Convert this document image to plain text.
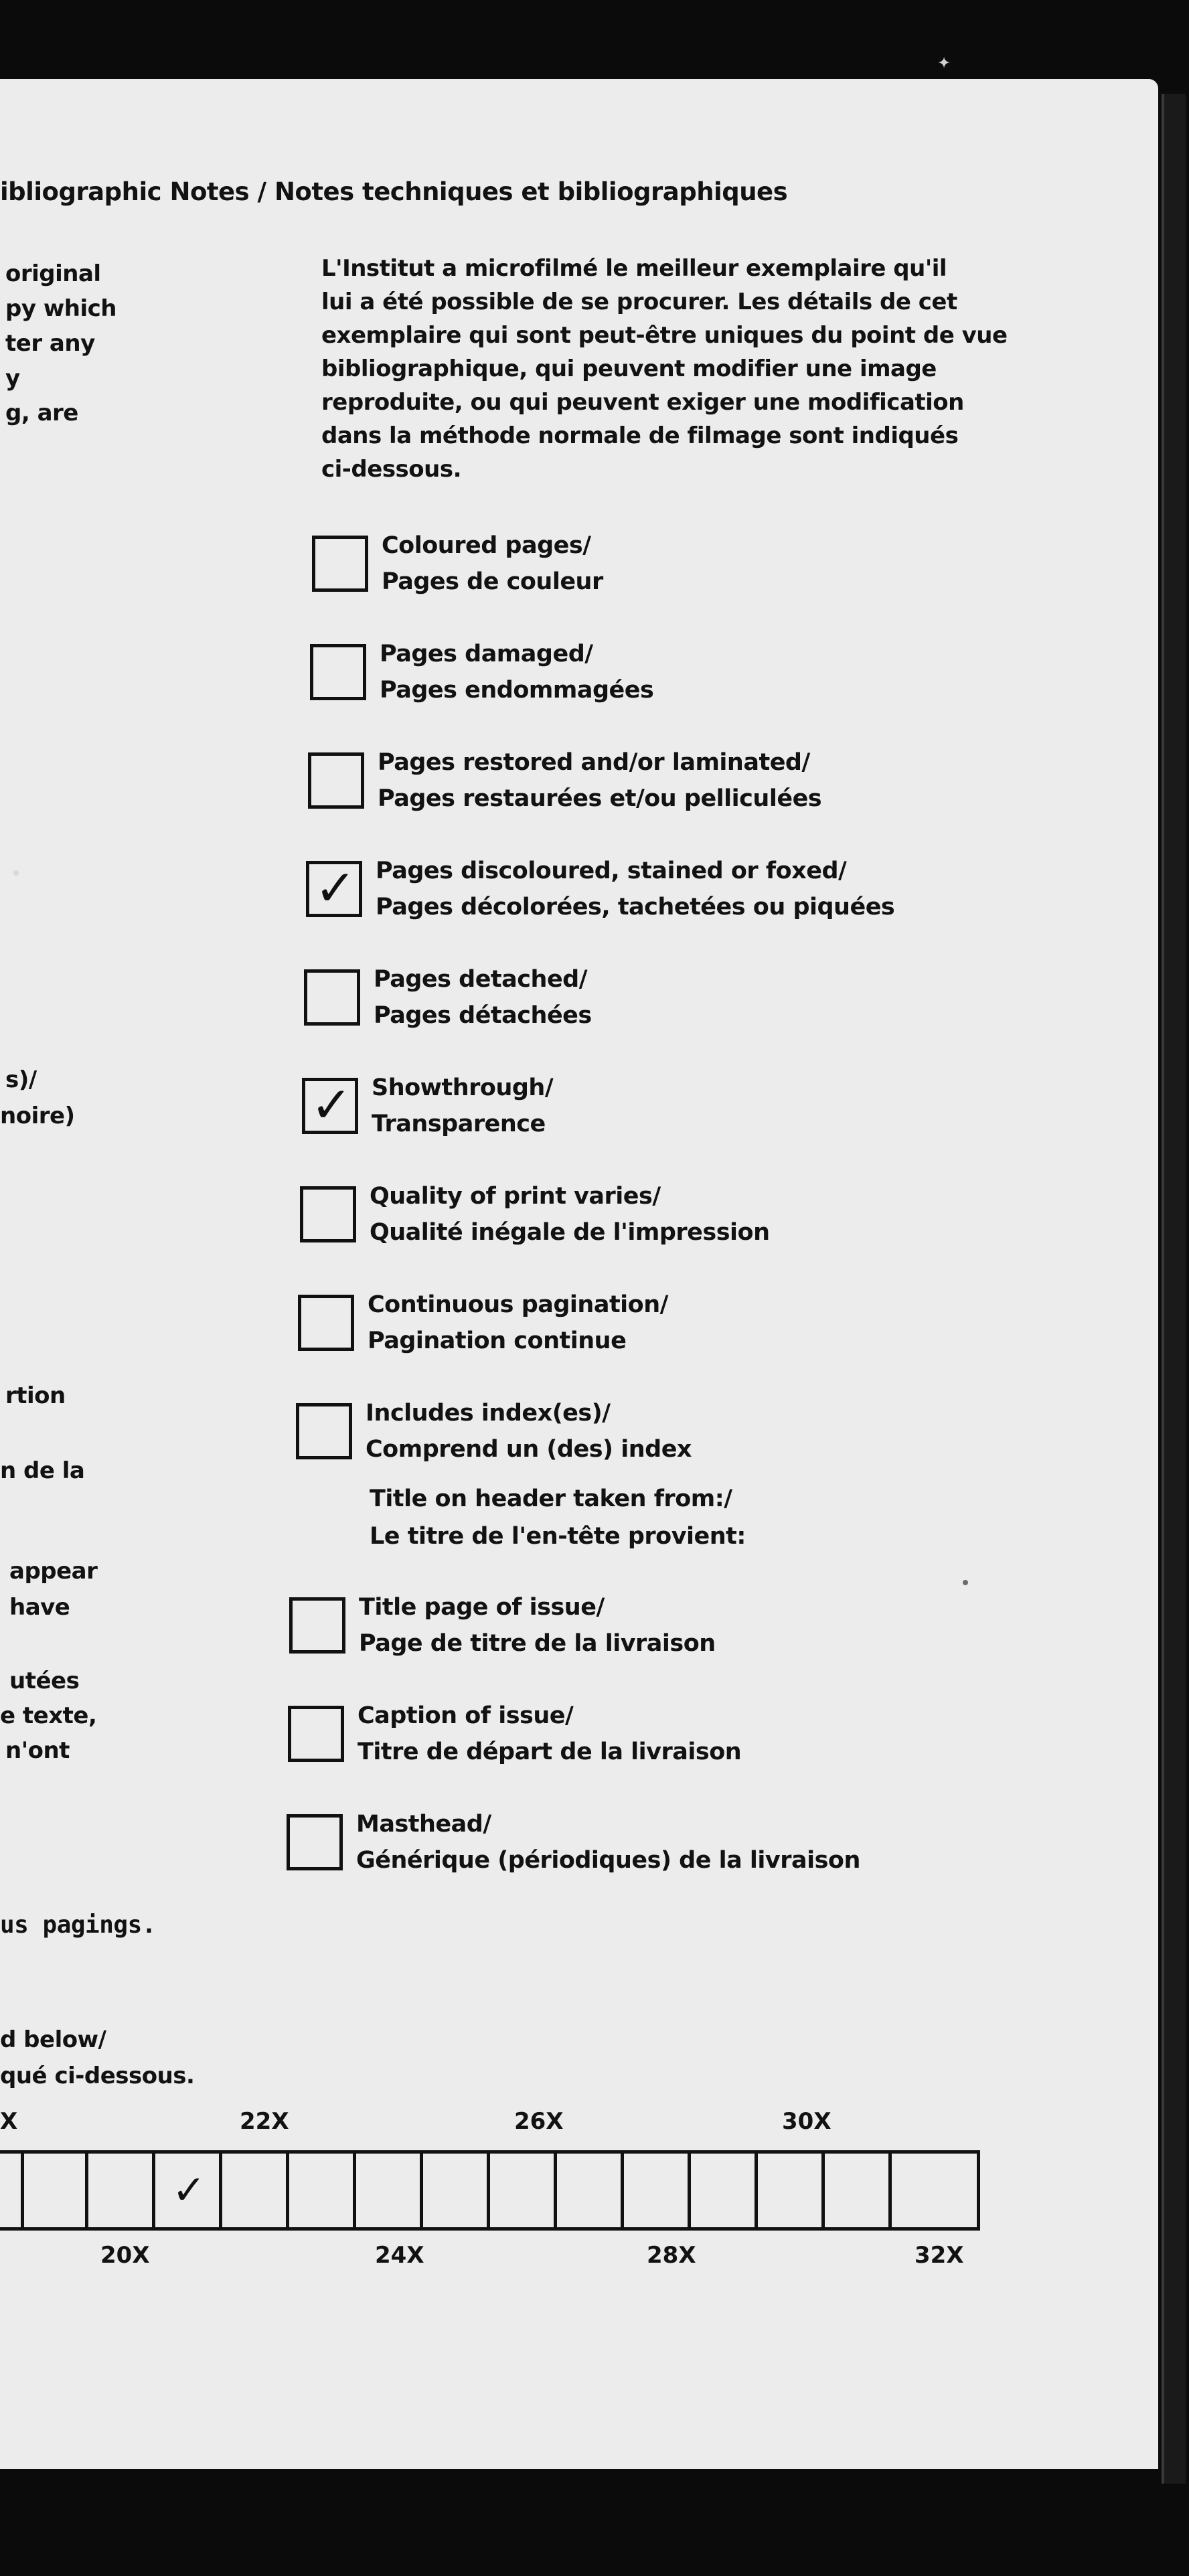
✦
ibliographic Notes / Notes techniques et bibliographiques
original
py which
ter any
y
g, are
s)/
noire)
rtion
n de la
appear
have
utées
e texte,
n'ont
L'Institut a microfilmé le meilleur exemplaire qu'il
lui a été possible de se procurer. Les détails de cet
exemplaire qui sont peut-être uniques du point de vue
bibliographique, qui peuvent modifier une image
reproduite, ou qui peuvent exiger une modification
dans la méthode normale de filmage sont indiqués
ci-dessous.
Coloured pages/
Pages de couleur
Pages damaged/
Pages endommagées
Pages restored and/or laminated/
Pages restaurées et/ou pelliculées
✓ Pages discoloured, stained or foxed/
Pages décolorées, tachetées ou piquées
Pages detached/
Pages détachées
✓ Showthrough/
Transparence
Quality of print varies/
Qualité inégale de l'impression
Continuous pagination/
Pagination continue
Includes index(es)/
Comprend un (des) index
Title on header taken from:/
Le titre de l'en-tête provient:
Title page of issue/
Page de titre de la livraison
Caption of issue/
Titre de départ de la livraison
Masthead/
Générique (périodiques) de la livraison
us pagings.
d below/
qué ci-dessous.
X	22X	26X	30X
✓
20X	24X	28X	32X
